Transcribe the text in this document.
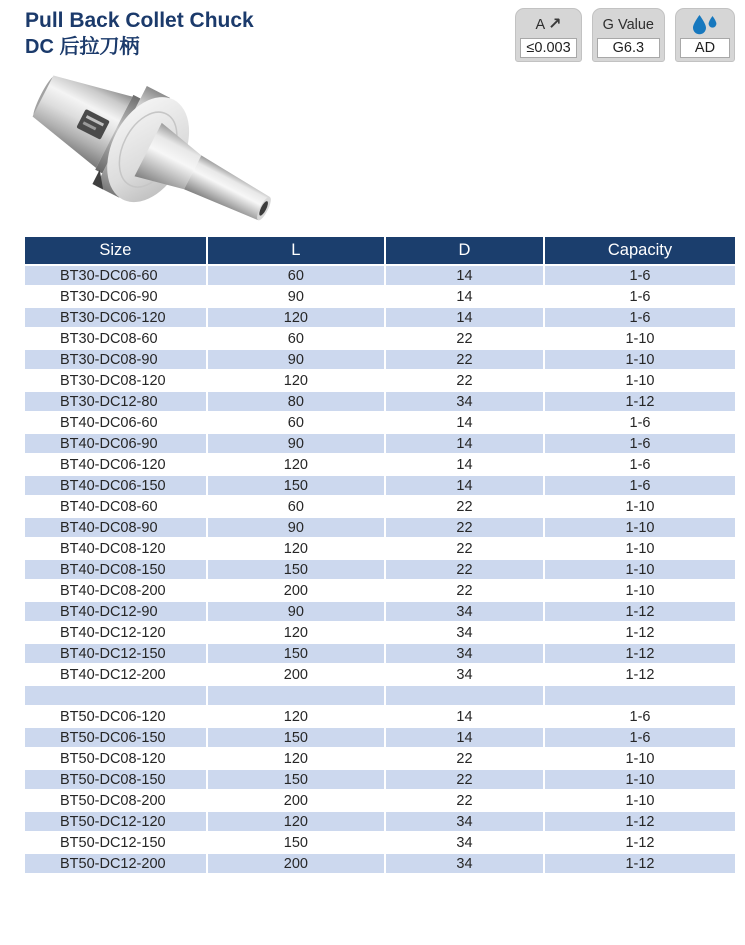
Pull Back Collet Chuck
DC 后拉刀柄
A ↗
≤0.003
G Value
G6.3	AD
Size	L	D	Capacity
BT30-DC06-60	60	14	1-6
BT30-DC06-90	90	14	1-6
BT30-DC06-120	120	14	1-6
BT30-DC08-60	60	22	1-10
BT30-DC08-90	90	22	1-10
BT30-DC08-120	120	22	1-10
BT30-DC12-80	80	34	1-12
BT40-DC06-60	60	14	1-6
BT40-DC06-90	90	14	1-6
BT40-DC06-120	120	14	1-6
BT40-DC06-150	150	14	1-6
BT40-DC08-60	60	22	1-10
BT40-DC08-90	90	22	1-10
BT40-DC08-120	120	22	1-10
BT40-DC08-150	150	22	1-10
BT40-DC08-200	200	22	1-10
BT40-DC12-90	90	34	1-12
BT40-DC12-120	120	34	1-12
BT40-DC12-150	150	34	1-12
BT40-DC12-200	200	34	1-12

BT50-DC06-120	120	14	1-6
BT50-DC06-150	150	14	1-6
BT50-DC08-120	120	22	1-10
BT50-DC08-150	150	22	1-10
BT50-DC08-200	200	22	1-10
BT50-DC12-120	120	34	1-12
BT50-DC12-150	150	34	1-12
BT50-DC12-200	200	34	1-12
